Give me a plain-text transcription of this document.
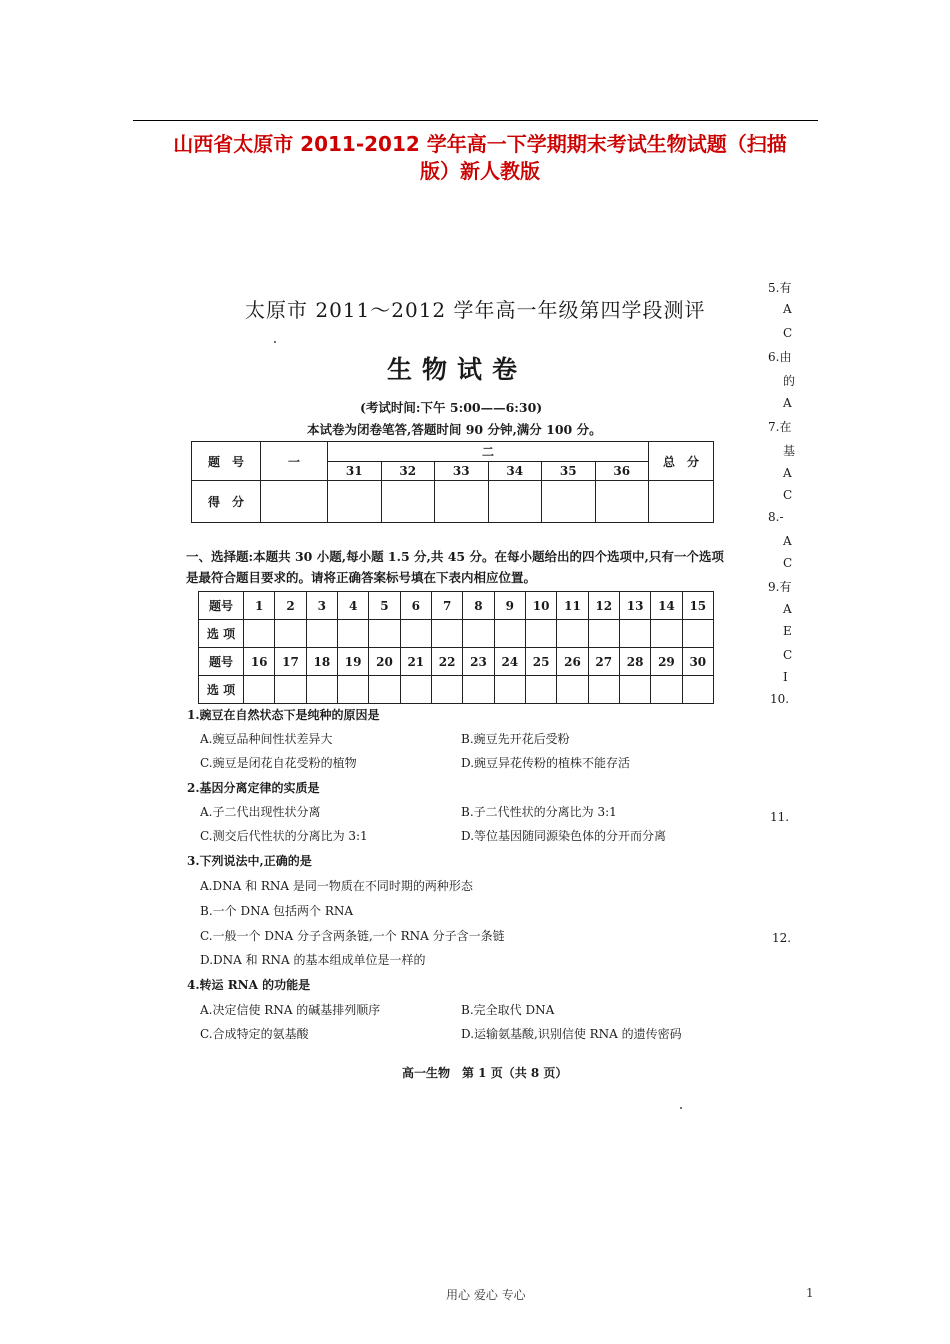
山西省太原市 2011-2012 学年高一下学期期末考试生物试题（扫描
版）新人教版
太原市 2011～2012 学年高一年级第四学段测评
生物试卷
(考试时间:下午 5:00——6:30)
本试卷为闭卷笔答,答题时间 90 分钟,满分 100 分。
题　号	一	二						总　分
		31	32	33	34	35	36	
得　分								
一、选择题:本题共 30 小题,每小题 1.5 分,共 45 分。在每小题给出的四个选项中,只有一个选项是最符合题目要求的。请将正确答案标号填在下表内相应位置。
题号	1	2	3	4	5	6	7	8	9	10	11	12	13	14	15
选 项															
题号	16	17	18	19	20	21	22	23	24	25	26	27	28	29	30
选 项															
1.豌豆在自然状态下是纯种的原因是
A.豌豆品种间性状差异大	B.豌豆先开花后受粉
C.豌豆是闭花自花受粉的植物	D.豌豆异花传粉的植株不能存活
2.基因分离定律的实质是
A.子二代出现性状分离	B.子二代性状的分离比为 3:1
C.测交后代性状的分离比为 3:1	D.等位基因随同源染色体的分开而分离
3.下列说法中,正确的是
A.DNA 和 RNA 是同一物质在不同时期的两种形态
B.一个 DNA 包括两个 RNA
C.一般一个 DNA 分子含两条链,一个 RNA 分子含一条链
D.DNA 和 RNA 的基本组成单位是一样的
4.转运 RNA 的功能是
A.决定信使 RNA 的碱基排列顺序	B.完全取代 DNA
C.合成特定的氨基酸	D.运输氨基酸,识别信使 RNA 的遗传密码
高一生物　第 1 页（共 8 页）
5.有
A
C
6.由
的
A
7.在
基
A
C
8.-
A
C
9.有
A
E
C
I
10.
11.
12.
用心 爱心 专心	1
